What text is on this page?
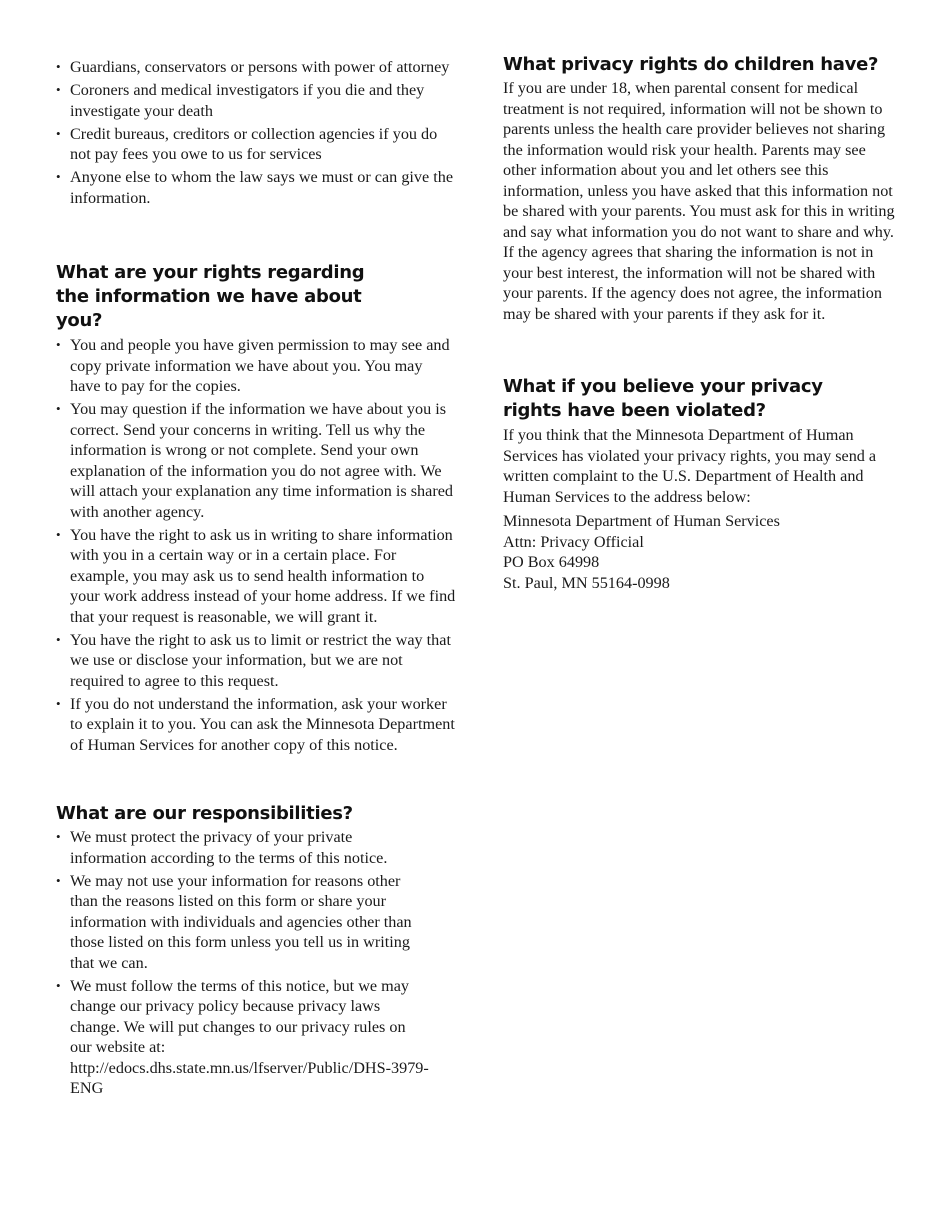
• Guardians, conservators or persons with power of attorney
• Coroners and medical investigators if you die and they investigate your death
• Credit bureaus, creditors or collection agencies if you do not pay fees you owe to us for services
• Anyone else to whom the law says we must or can give the information.
What are your rights regarding the information we have about you?
• You and people you have given permission to may see and copy private information we have about you. You may have to pay for the copies.
• You may question if the information we have about you is correct. Send your concerns in writing. Tell us why the information is wrong or not complete. Send your own explanation of the information you do not agree with. We will attach your explanation any time information is shared with another agency.
• You have the right to ask us in writing to share information with you in a certain way or in a certain place. For example, you may ask us to send health information to your work address instead of your home address. If we find that your request is reasonable, we will grant it.
• You have the right to ask us to limit or restrict the way that we use or disclose your information, but we are not required to agree to this request.
• If you do not understand the information, ask your worker to explain it to you. You can ask the Minnesota Department of Human Services for another copy of this notice.
What are our responsibilities?
• We must protect the privacy of your private information according to the terms of this notice.
• We may not use your information for reasons other than the reasons listed on this form or share your information with individuals and agencies other than those listed on this form unless you tell us in writing that we can.
• We must follow the terms of this notice, but we may change our privacy policy because privacy laws change. We will put changes to our privacy rules on our website at: http://edocs.dhs.state.mn.us/lfserver/Public/DHS-3979-ENG
What privacy rights do children have?

If you are under 18, when parental consent for medical treatment is not required, information will not be shown to parents unless the health care provider believes not sharing the information would risk your health. Parents may see other information about you and let others see this information, unless you have asked that this information not be shared with your parents. You must ask for this in writing and say what information you do not want to share and why. If the agency agrees that sharing the information is not in your best interest, the information will not be shared with your parents. If the agency does not agree, the information may be shared with your parents if they ask for it.

What if you believe your privacy rights have been violated?

If you think that the Minnesota Department of Human Services has violated your privacy rights, you may send a written complaint to the U.S. Department of Health and Human Services to the address below:

Minnesota Department of Human Services
Attn: Privacy Official
PO Box 64998
St. Paul, MN 55164-0998
